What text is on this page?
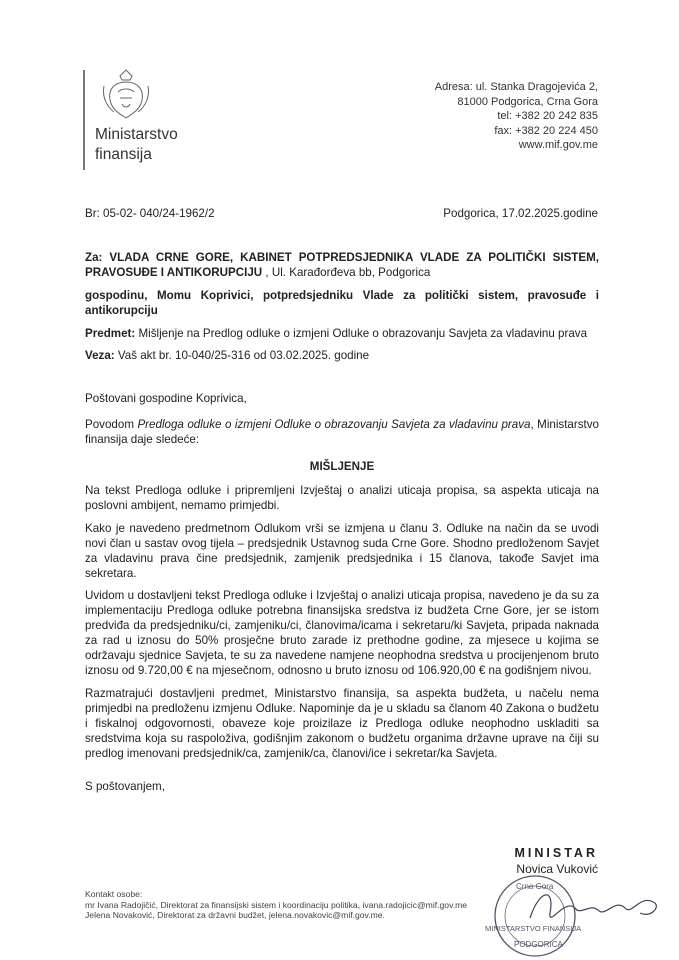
Ministarstvo
finansija
Adresa: ul. Stanka Dragojevića 2,
81000 Podgorica, Crna Gora
tel: +382 20 242 835
fax: +382 20 224 450
www.mif.gov.me
Br: 05-02- 040/24-1962/2	Podgorica, 17.02.2025.godine

Za: VLADA CRNE GORE, KABINET POTPREDSJEDNIKA VLADE ZA POLITIČKI SISTEM, PRAVOSUĐE I ANTIKORUPCIJU , Ul. Karađorđeva bb, Podgorica

gospodinu, Momu Koprivici, potpredsjedniku Vlade za politički sistem, pravosuđe i antikorupciju

Predmet: Mišljenje na Predlog odluke o izmjeni Odluke o obrazovanju Savjeta za vladavinu prava

Veza: Vaš akt br. 10-040/25-316 od 03.02.2025. godine

Poštovani gospodine Koprivica,

Povodom Predloga odluke o izmjeni Odluke o obrazovanju Savjeta za vladavinu prava, Ministarstvo finansija daje sledeće:

MIŠLJENJE

Na tekst Predloga odluke i pripremljeni Izvještaj o analizi uticaja propisa, sa aspekta uticaja na poslovni ambijent, nemamo primjedbi.

Kako je navedeno predmetnom Odlukom vrši se izmjena u članu 3. Odluke na način da se uvodi novi član u sastav ovog tijela – predsjednik Ustavnog suda Crne Gore. Shodno predloženom Savjet za vladavinu prava čine predsjednik, zamjenik predsjednika i 15 članova, takođe Savjet ima sekretara.

Uvidom u dostavljeni tekst Predloga odluke i Izvještaj o analizi uticaja propisa, navedeno je da su za implementaciju Predloga odluke potrebna finansijska sredstva iz budžeta Crne Gore, jer se istom predviđa da predsjedniku/ci, zamjeniku/ci, članovima/icama i sekretaru/ki Savjeta, pripada naknada za rad u iznosu do 50% prosječne bruto zarade iz prethodne godine, za mjesece u kojima se održavaju sjednice Savjeta, te su za navedene namjene neophodna sredstva u procijenjenom bruto iznosu od 9.720,00 € na mjesečnom, odnosno u bruto iznosu od 106.920,00 € na godišnjem nivou.

Razmatrajući dostavljeni predmet, Ministarstvo finansija, sa aspekta budžeta, u načelu nema primjedbi na predloženu izmjenu Odluke. Napominje da je u skladu sa članom 40 Zakona o budžetu i fiskalnoj odgovornosti, obaveze koje proizilaze iz Predloga odluke neophodno uskladiti sa sredstvima koja su raspoloživa, godišnjim zakonom o budžetu organima državne uprave na čiji su predlog imenovani predsjednik/ca, zamjenik/ca, članovi/ice i sekretar/ka Savjeta.

S poštovanjem,

Crna Gora
MINISTARSTVO FINANSIJA
PODGORICA
MINISTAR
Novica Vuković
Kontakt osobe:
mr Ivana Radojičić, Direktorat za finansijski sistem i koordinaciju politika, ivana.radojicic@mif.gov.me
Jelena Novaković, Direktorat za državni budžet, jelena.novakovic@mif.gov.me.
